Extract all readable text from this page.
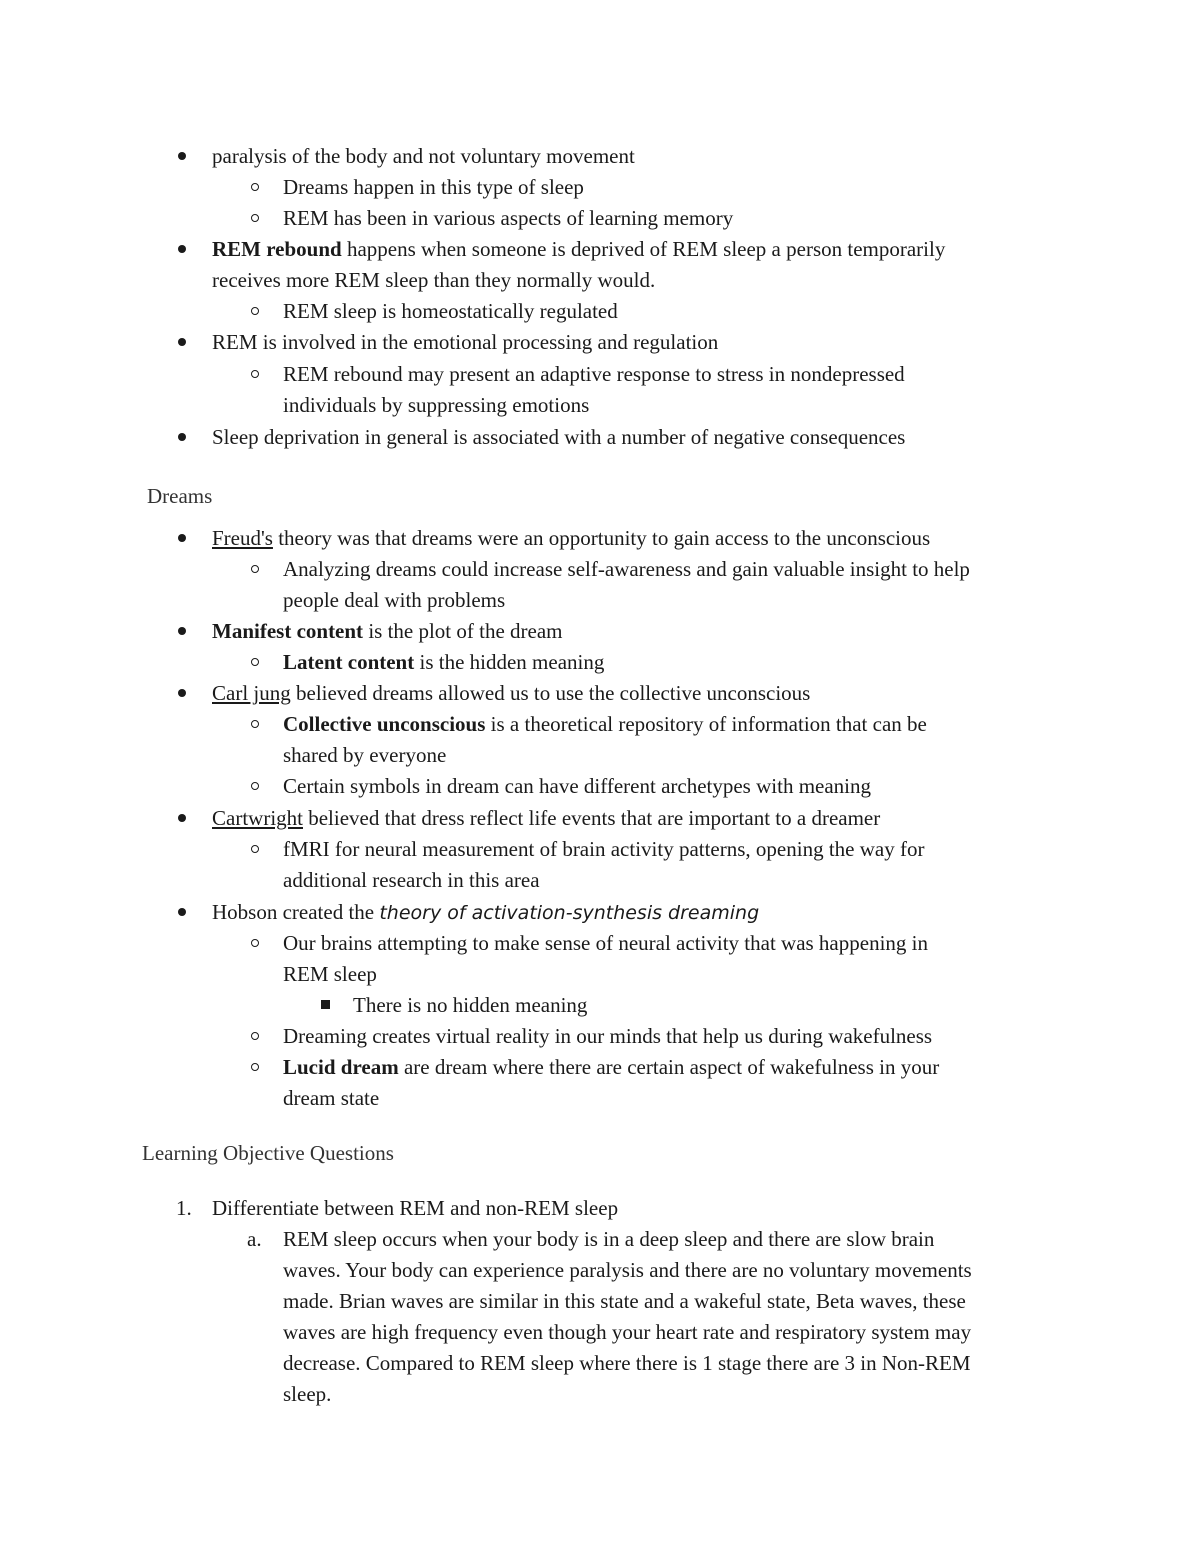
paralysis of the body and not voluntary movement
Dreams happen in this type of sleep
REM has been in various aspects of learning memory
REM rebound happens when someone is deprived of REM sleep a person temporarily
receives more REM sleep than they normally would.
REM sleep is homeostatically regulated
REM is involved in the emotional processing and regulation
REM rebound may present an adaptive response to stress in nondepressed
individuals by suppressing emotions
Sleep deprivation in general is associated with a number of negative consequences
Dreams
Freud's theory was that dreams were an opportunity to gain access to the unconscious
Analyzing dreams could increase self-awareness and gain valuable insight to help
people deal with problems
Manifest content is the plot of the dream
Latent content is the hidden meaning
Carl jung believed dreams allowed us to use the collective unconscious
Collective unconscious is a theoretical repository of information that can be
shared by everyone
Certain symbols in dream can have different archetypes with meaning
Cartwright believed that dress reflect life events that are important to a dreamer
fMRI for neural measurement of brain activity patterns, opening the way for
additional research in this area
Hobson created the theory of activation-synthesis dreaming
Our brains attempting to make sense of neural activity that was happening in
REM sleep
There is no hidden meaning
Dreaming creates virtual reality in our minds that help us during wakefulness
Lucid dream are dream where there are certain aspect of wakefulness in your
dream state
Learning Objective Questions
1. Differentiate between REM and non-REM sleep
a. REM sleep occurs when your body is in a deep sleep and there are slow brain
waves. Your body can experience paralysis and there are no voluntary movements
made. Brian waves are similar in this state and a wakeful state, Beta waves, these
waves are high frequency even though your heart rate and respiratory system may
decrease. Compared to REM sleep where there is 1 stage there are 3 in Non-REM
sleep.
